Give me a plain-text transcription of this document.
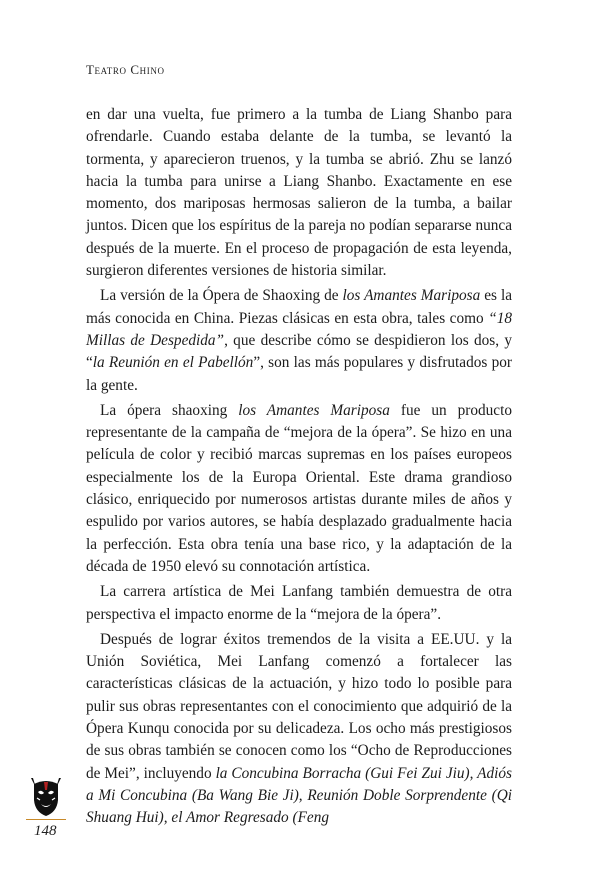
Teatro Chino

en dar una vuelta, fue primero a la tumba de Liang Shanbo para ofrendarle. Cuando estaba delante de la tumba, se levantó la tormenta, y aparecieron truenos, y la tumba se abrió. Zhu se lanzó hacia la tumba para unirse a Liang Shanbo. Exactamente en ese momento, dos mariposas hermosas salieron de la tumba, a bailar juntos. Dicen que los espíritus de la pareja no podían separarse nunca después de la muerte. En el proceso de propagación de esta leyenda, surgieron diferentes versiones de historia similar.

La versión de la Ópera de Shaoxing de los Amantes Mariposa es la más conocida en China. Piezas clásicas en esta obra, tales como “18 Millas de Despedida”, que describe cómo se despidieron los dos, y “la Reunión en el Pabellón”, son las más populares y disfrutados por la gente.

La ópera shaoxing los Amantes Mariposa fue un producto representante de la campaña de “mejora de la ópera”. Se hizo en una película de color y recibió marcas supremas en los países europeos especialmente los de la Europa Oriental. Este drama grandioso clásico, enriquecido por numerosos artistas durante miles de años y espulido por varios autores, se había desplazado gradualmente hacia la perfección. Esta obra tenía una base rico, y la adaptación de la década de 1950 elevó su connotación artística.

La carrera artística de Mei Lanfang también demuestra de otra perspectiva el impacto enorme de la “mejora de la ópera”.

Después de lograr éxitos tremendos de la visita a EE.UU. y la Unión Soviética, Mei Lanfang comenzó a fortalecer las características clásicas de la actuación, y hizo todo lo posible para pulir sus obras representantes con el conocimiento que adquirió de la Ópera Kunqu conocida por su delicadeza. Los ocho más prestigiosos de sus obras también se conocen como los “Ocho de Reproducciones de Mei”, incluyendo la Concubina Borracha (Gui Fei Zui Jiu), Adiós a Mi Concubina (Ba Wang Bie Ji), Reunión Doble Sorprendente (Qi Shuang Hui), el Amor Regresado (Feng

148
